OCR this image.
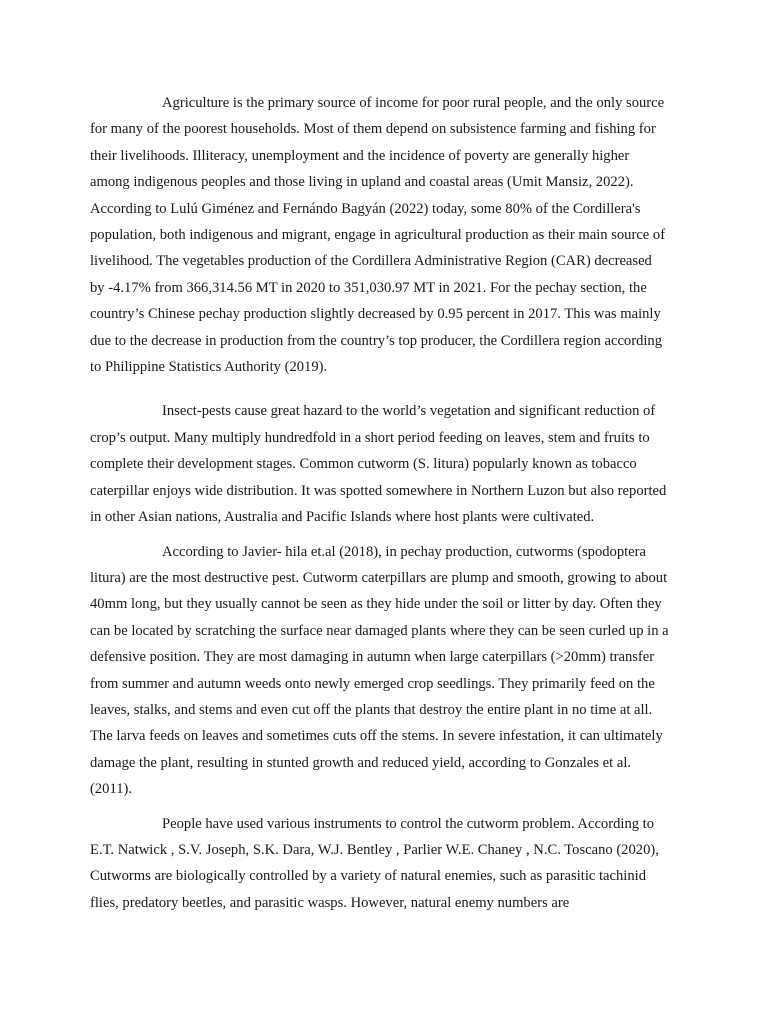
Agriculture is the primary source of income for poor rural people, and the only source for many of the poorest households. Most of them depend on subsistence farming and fishing for their livelihoods. Illiteracy, unemployment and the incidence of poverty are generally higher among indigenous peoples and those living in upland and coastal areas (Umit Mansiz, 2022). According to Lulú Giménez and Fernándo Bagyán (2022) today, some 80% of the Cordillera's population, both indigenous and migrant, engage in agricultural production as their main source of livelihood. The vegetables production of the Cordillera Administrative Region (CAR) decreased by -4.17% from 366,314.56 MT in 2020 to 351,030.97 MT in 2021. For the pechay section, the country’s Chinese pechay production slightly decreased by 0.95 percent in 2017. This was mainly due to the decrease in production from the country’s top producer, the Cordillera region according to Philippine Statistics Authority (2019).

Insect-pests cause great hazard to the world’s vegetation and significant reduction of crop’s output. Many multiply hundredfold in a short period feeding on leaves, stem and fruits to complete their development stages. Common cutworm (S. litura) popularly known as tobacco caterpillar enjoys wide distribution. It was spotted somewhere in Northern Luzon but also reported in other Asian nations, Australia and Pacific Islands where host plants were cultivated.

According to Javier- hila et.al (2018), in pechay production, cutworms (spodoptera litura) are the most destructive pest. Cutworm caterpillars are plump and smooth, growing to about 40mm long, but they usually cannot be seen as they hide under the soil or litter by day. Often they can be located by scratching the surface near damaged plants where they can be seen curled up in a defensive position. They are most damaging in autumn when large caterpillars (>20mm) transfer from summer and autumn weeds onto newly emerged crop seedlings. They primarily feed on the leaves, stalks, and stems and even cut off the plants that destroy the entire plant in no time at all. The larva feeds on leaves and sometimes cuts off the stems. In severe infestation, it can ultimately damage the plant, resulting in stunted growth and reduced yield, according to Gonzales et al. (2011).

People have used various instruments to control the cutworm problem. According to E.T. Natwick , S.V. Joseph, S.K. Dara, W.J. Bentley , Parlier W.E. Chaney , N.C. Toscano (2020), Cutworms are biologically controlled by a variety of natural enemies, such as parasitic tachinid flies, predatory beetles, and parasitic wasps. However, natural enemy numbers are
